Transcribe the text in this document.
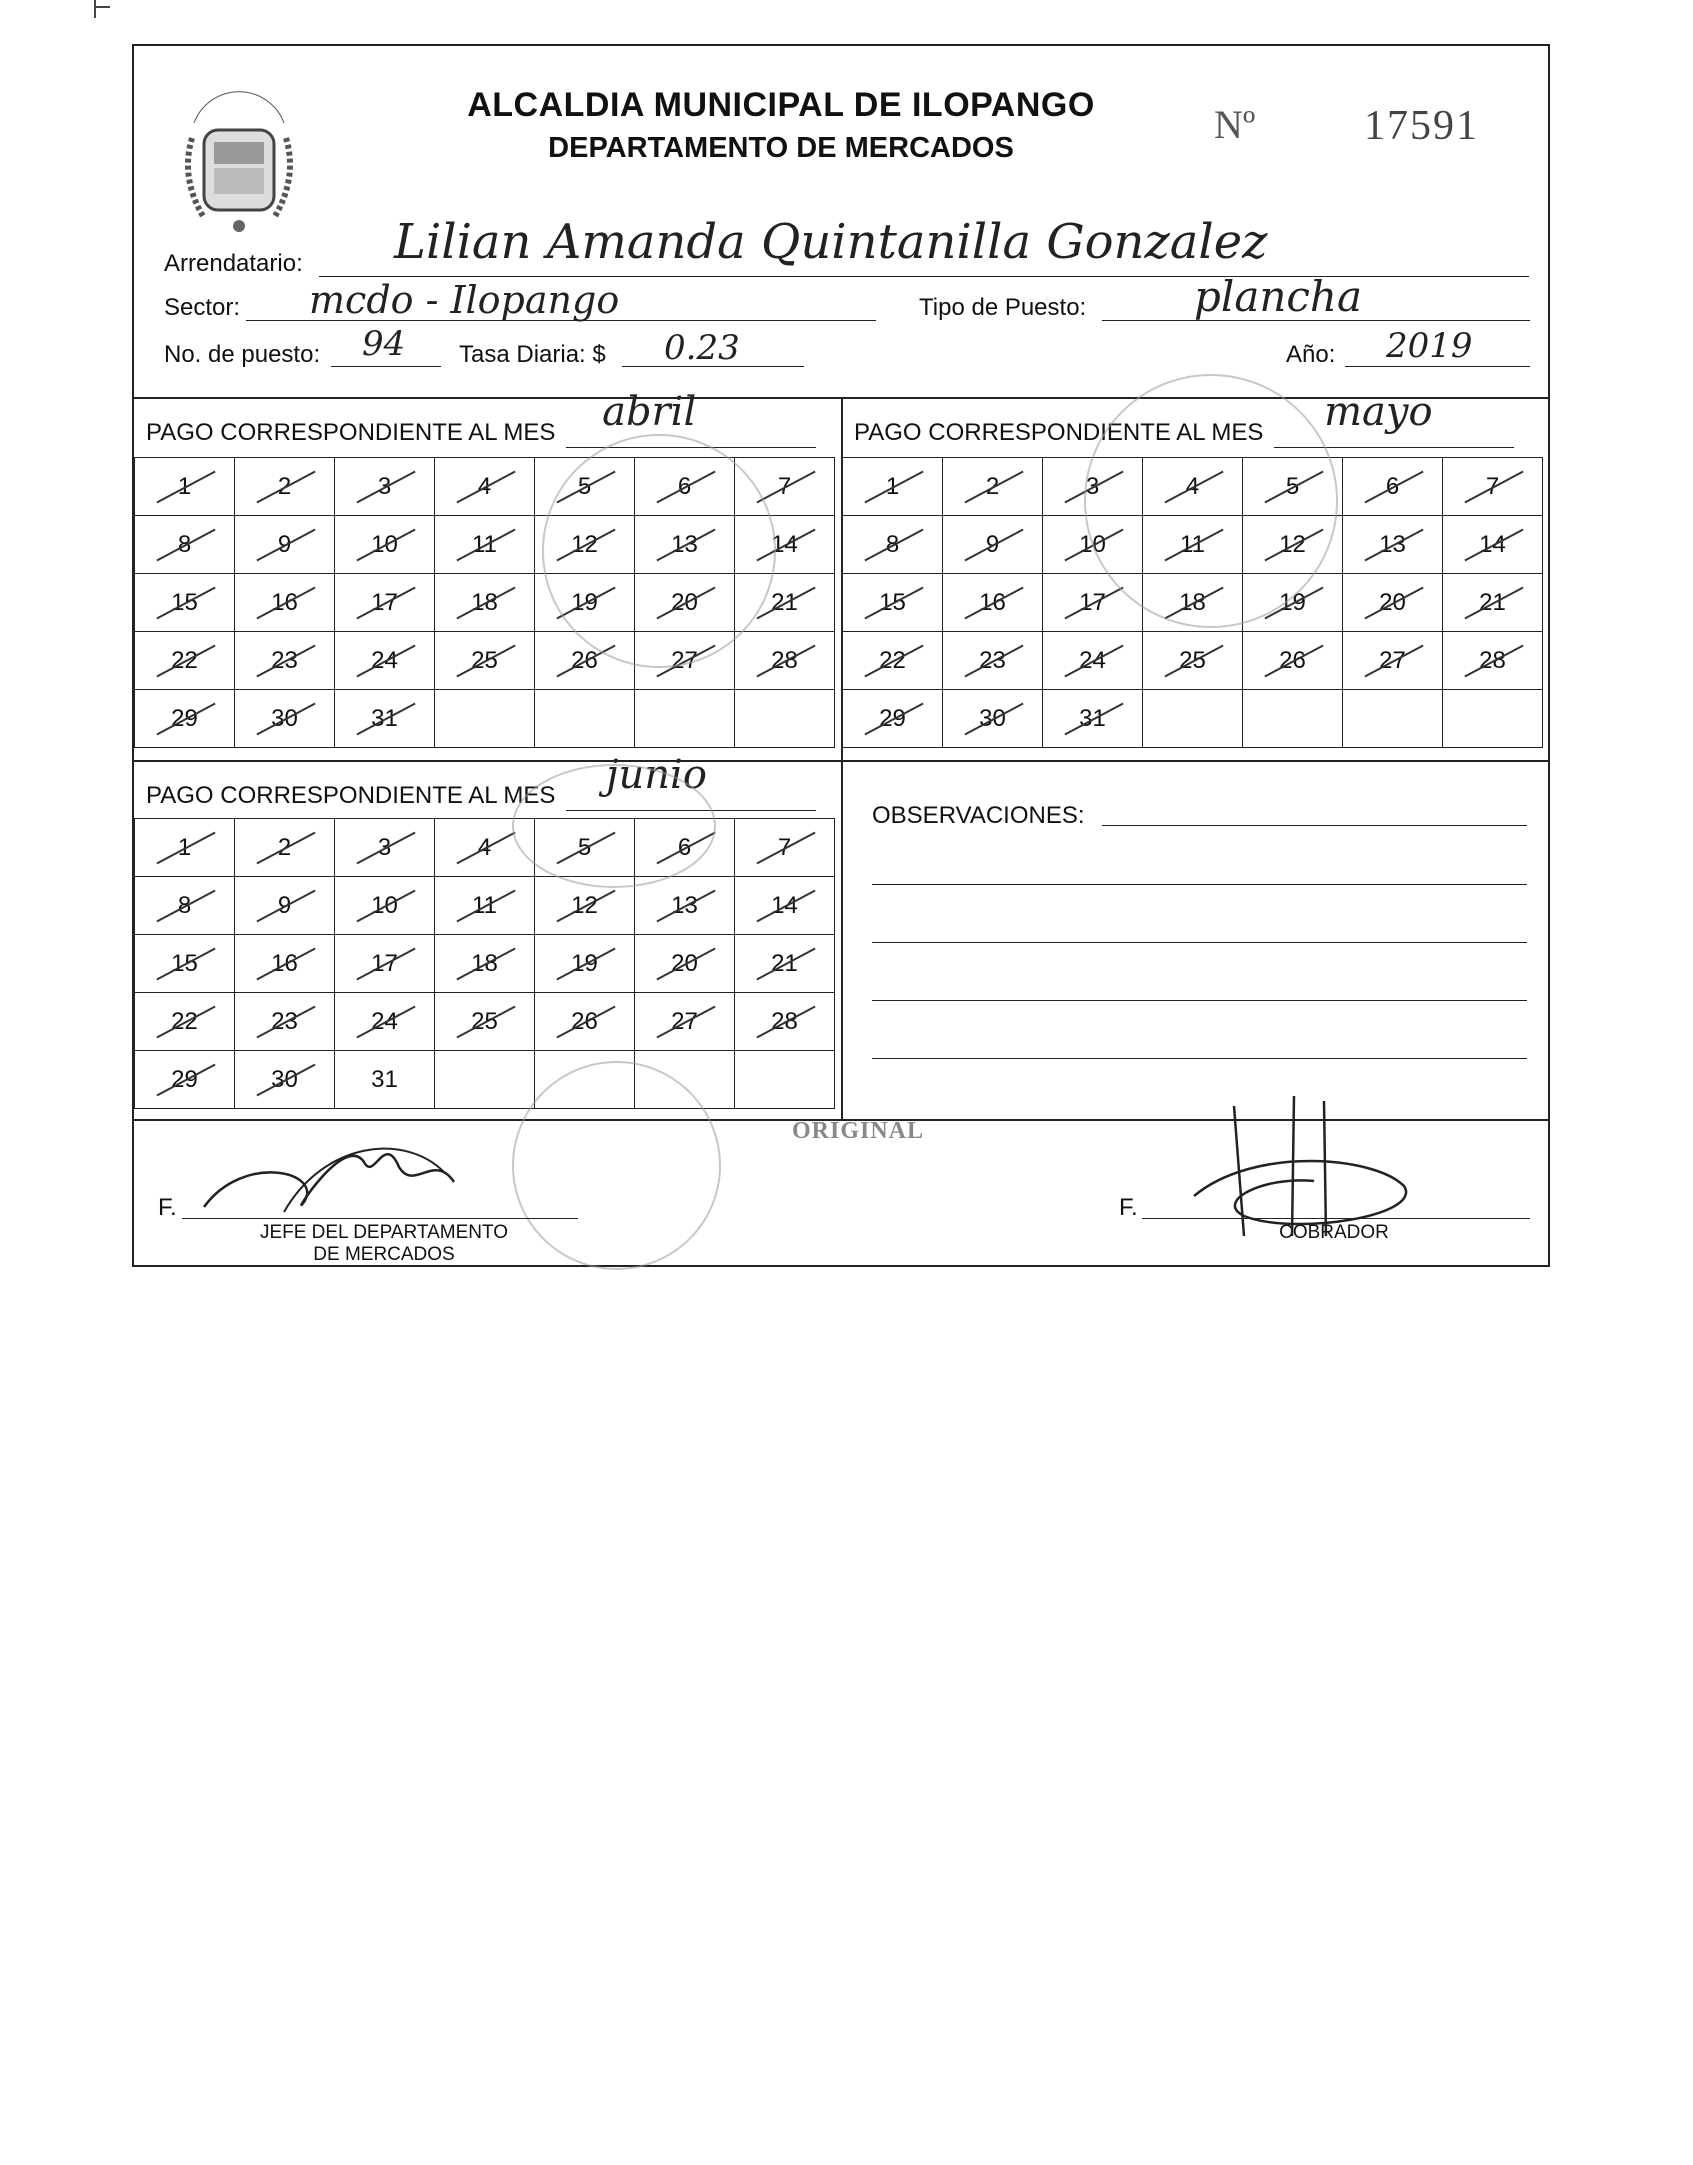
ALCALDIA MUNICIPAL DE ILOPANGO
DEPARTAMENTO DE MERCADOS
Nº	17591
Arrendatario: Lilian Amanda Quintanilla Gonzalez
Sector: mcdo - Ilopango	Tipo de Puesto:	plancha
No. de puesto: 94 Tasa Diaria: $ 0.23	Año: 2019
PAGO CORRESPONDIENTE AL MES abril

1	2	3	4	5	6	7

8	9	10	11	12	13	14

15	16	17	18	19	20	21

22	23	24	25	26	27	28

29	30	31

PAGO CORRESPONDIENTE AL MES mayo

1	2	3	4	5	6	7

8	9	10	11	12	13	14

15	16	17	18	19	20	21

22	23	24	25	26	27	28

29	30	31

PAGO CORRESPONDIENTE AL MES junio

1	2	3	4	5	6	7

8	9	10	11	12	13	14

15	16	17	18	19	20	21

22	23	24	25	26	27	28

29	30	31				
OBSERVACIONES:
ORIGINAL
F.
JEFE DEL DEPARTAMENTO
DE MERCADOS
F.
COBRADOR
